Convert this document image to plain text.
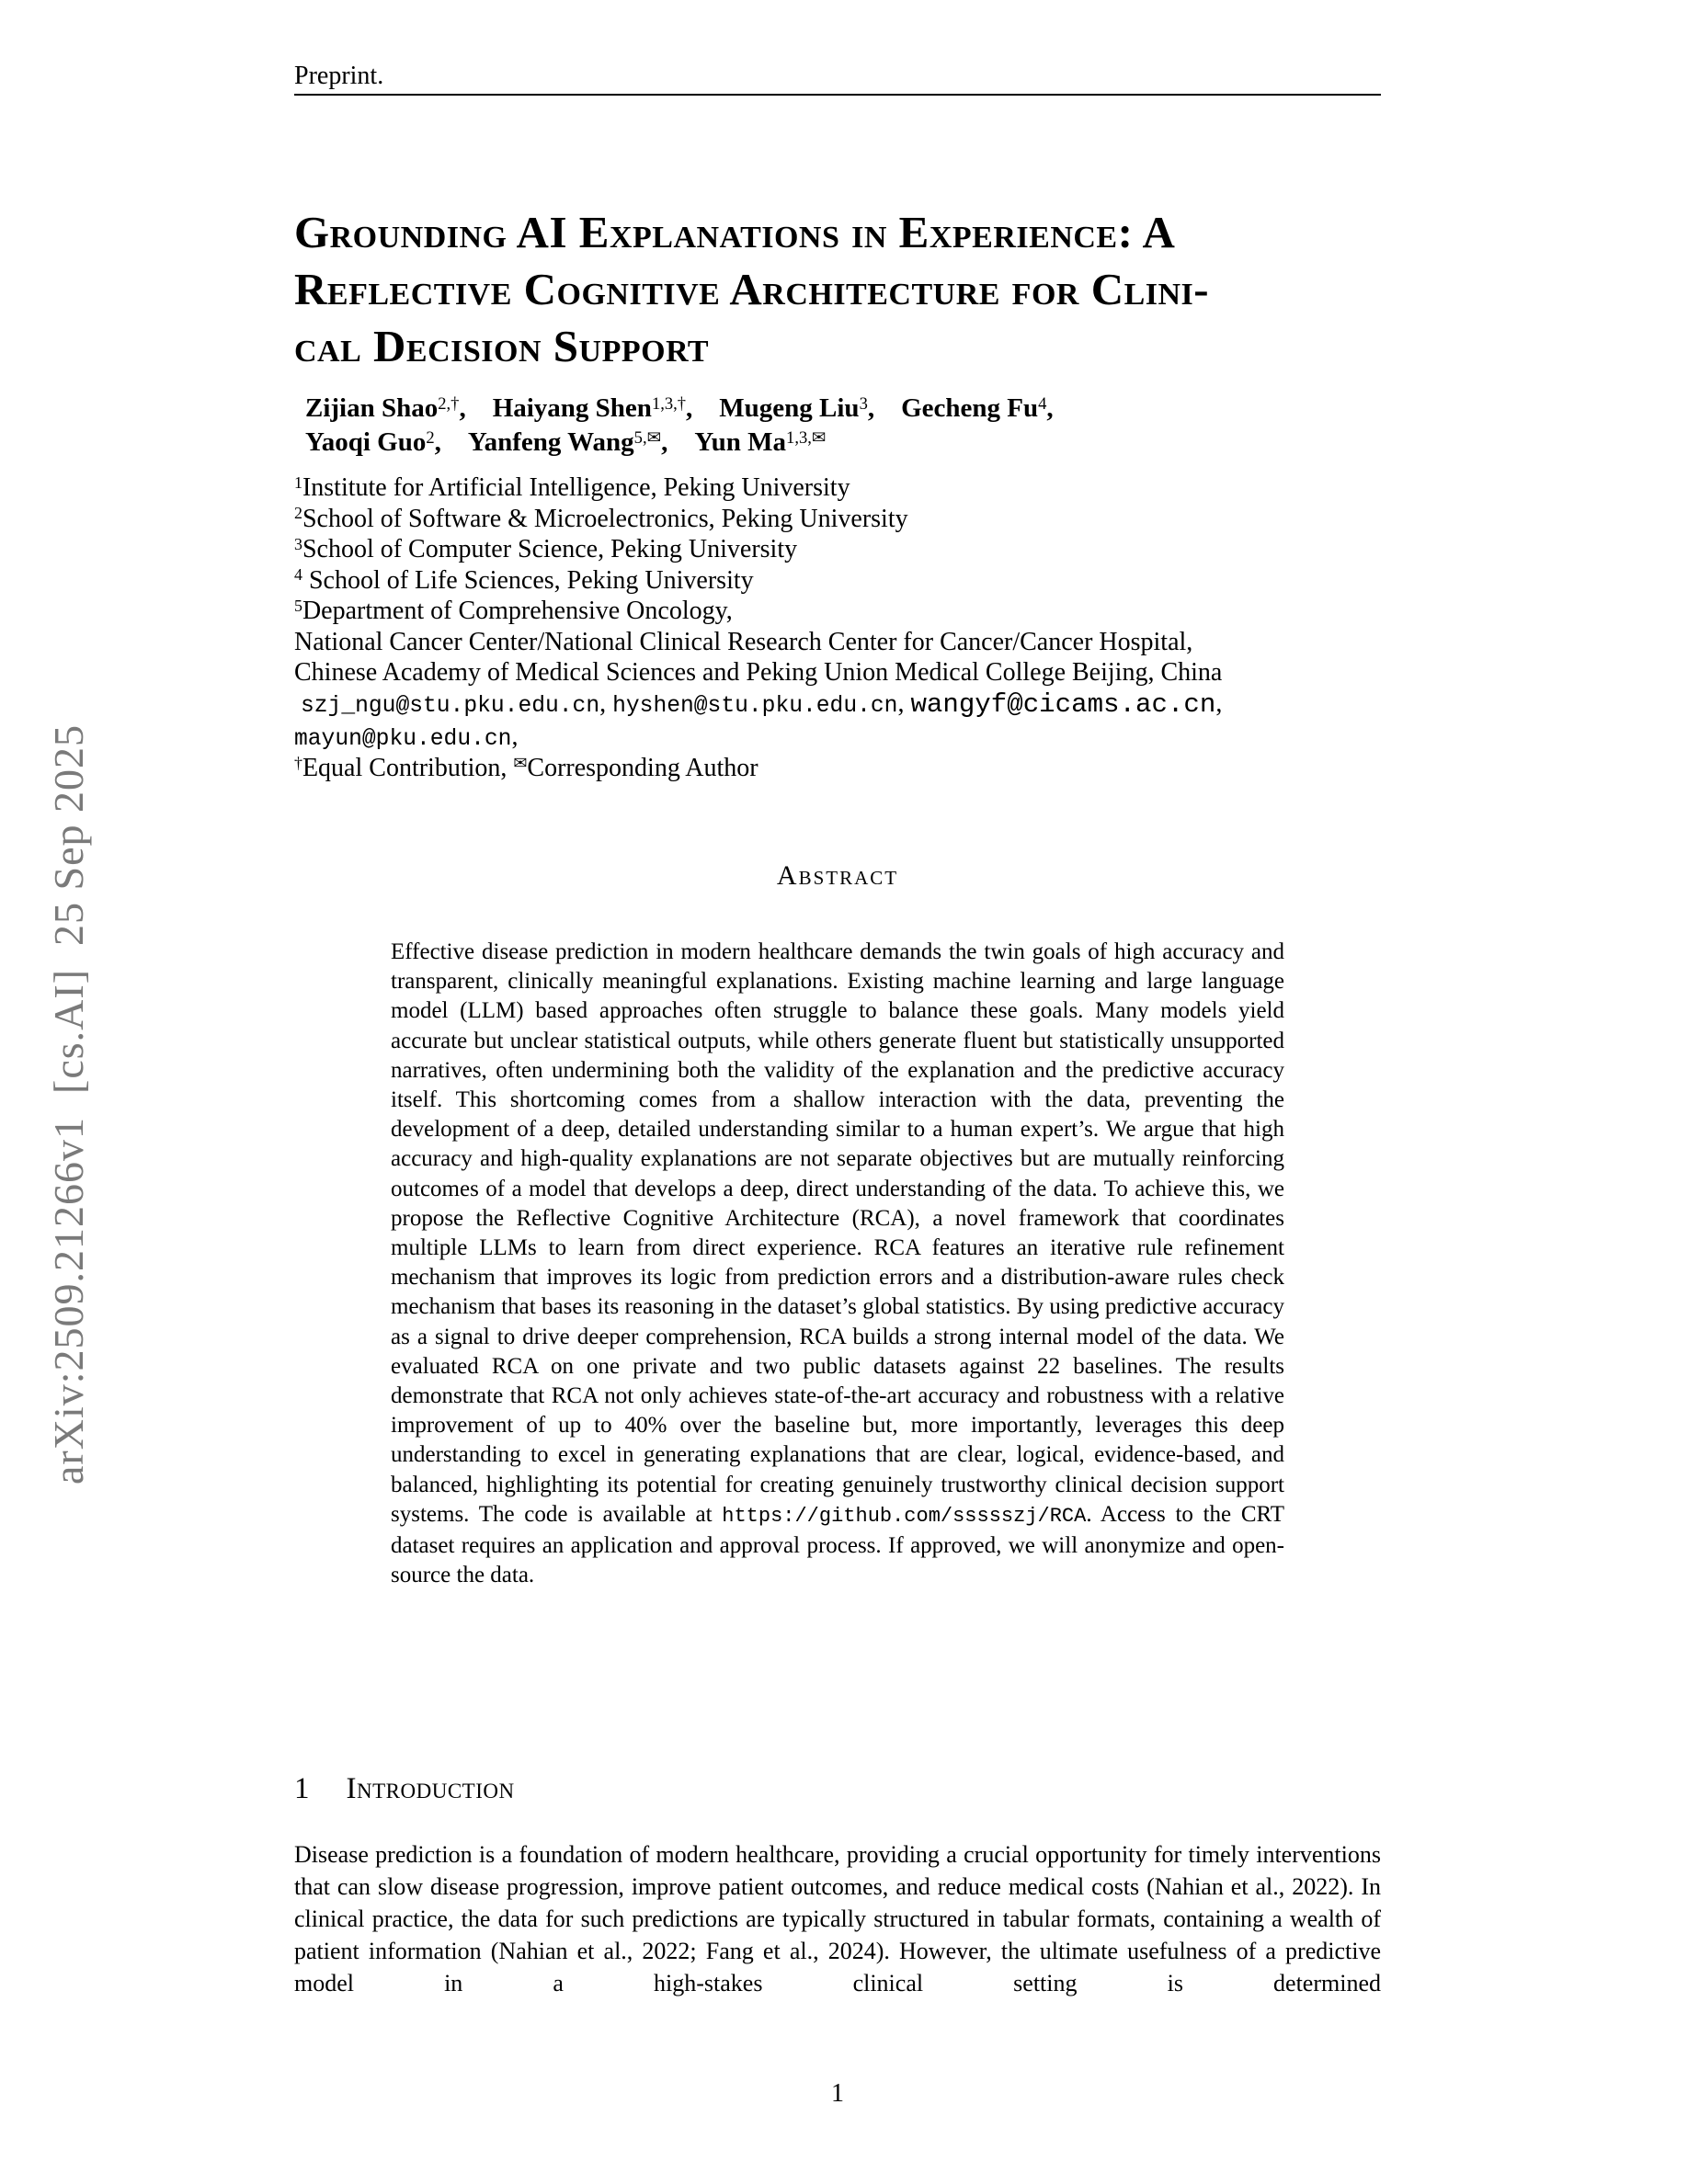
arXiv:2509.21266v1  [cs.AI]  25 Sep 2025
Preprint.
Grounding AI Explanations in Experience: A
Reflective Cognitive Architecture for Clini-
cal Decision Support
Zijian Shao$^{2,\dagger}$,    Haiyang Shen$^{1,3,\dagger}$,    Mugeng Liu$^3$,    Gecheng Fu$^4$,
Yaoqi Guo$^2$,    Yanfeng Wang$^{5,✉}$,    Yun $Ma^{1,3,✉}$
$^1$Institute for Artificial Intelligence, Peking University
$^2$School of Software & Microelectronics, Peking University
$^3$School of Computer Science, Peking University
$^4$ School of Life Sciences, Peking University
$^5$Department of Comprehensive Oncology,
National Cancer Center/National Clinical Research Center for Cancer/Cancer Hospital,
Chinese Academy of Medical Sciences and Peking Union Medical College Beijing, China
szj_ngu@stu.pku.edu.cn, hyshen@stu.pku.edu.cn, wangyf@cicams.ac.cn, mayun@pku.edu.cn,
†Equal Contribution, ✉Corresponding Author
Abstract
Effective disease prediction in modern healthcare demands the twin goals of high accuracy and transparent, clinically meaningful explanations. Existing machine learning and large language model (LLM) based approaches often struggle to balance these goals. Many models yield accurate but unclear statistical outputs, while others generate fluent but statistically unsupported narratives, often undermining both the validity of the explanation and the predictive accuracy itself. This shortcoming comes from a shallow interaction with the data, preventing the development of a deep, detailed understanding similar to a human expert’s. We argue that high accuracy and high-quality explanations are not separate objectives but are mutually reinforcing outcomes of a model that develops a deep, direct understanding of the data. To achieve this, we propose the Reflective Cognitive Architecture (RCA), a novel framework that coordinates multiple LLMs to learn from direct experience. RCA features an iterative rule refinement mechanism that improves its logic from prediction errors and a distribution-aware rules check mechanism that bases its reasoning in the dataset’s global statistics. By using predictive accuracy as a signal to drive deeper comprehension, RCA builds a strong internal model of the data. We evaluated RCA on one private and two public datasets against 22 baselines. The results demonstrate that RCA not only achieves state-of-the-art accuracy and robustness with a relative improvement of up to 40% over the baseline but, more importantly, leverages this deep understanding to excel in generating explanations that are clear, logical, evidence-based, and balanced, highlighting its potential for creating genuinely trustworthy clinical decision support systems. The code is available at https://github.com/ssssszj/RCA. Access to the CRT dataset requires an application and approval process. If approved, we will anonymize and open-source the data.
1 Introduction
Disease prediction is a foundation of modern healthcare, providing a crucial opportunity for timely interventions that can slow disease progression, improve patient outcomes, and reduce medical costs (Nahian et al., 2022). In clinical practice, the data for such predictions are typically structured in tabular formats, containing a wealth of patient information (Nahian et al., 2022; Fang et al., 2024). However, the ultimate usefulness of a predictive model in a high-stakes clinical setting is determined
1
